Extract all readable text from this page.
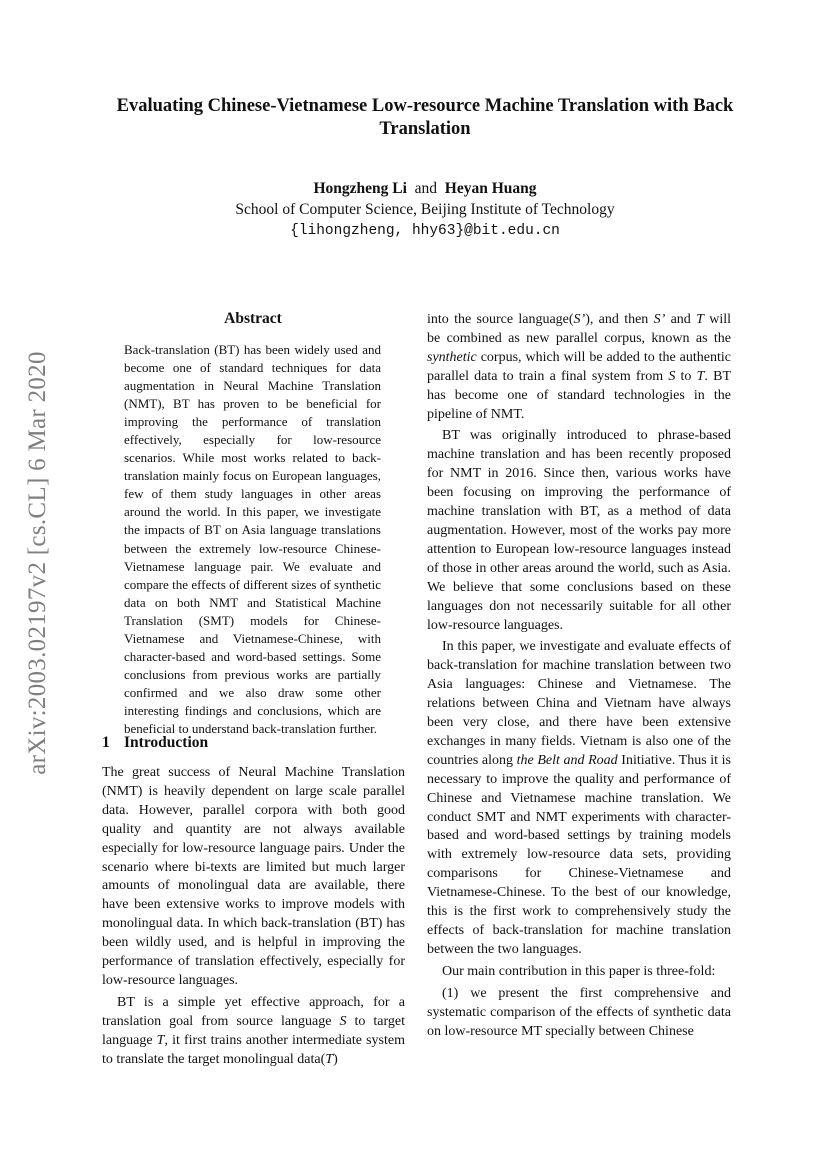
Evaluating Chinese-Vietnamese Low-resource Machine Translation with Back Translation
Hongzheng Li and Heyan Huang
School of Computer Science, Beijing Institute of Technology
{lihongzheng, hhy63}@bit.edu.cn
arXiv:2003.02197v2 [cs.CL] 6 Mar 2020
Abstract
Back-translation (BT) has been widely used and become one of standard techniques for data augmentation in Neural Machine Translation (NMT), BT has proven to be beneficial for improving the performance of translation effectively, especially for low-resource scenarios. While most works related to back-translation mainly focus on European languages, few of them study languages in other areas around the world. In this paper, we investigate the impacts of BT on Asia language translations between the extremely low-resource Chinese-Vietnamese language pair. We evaluate and compare the effects of different sizes of synthetic data on both NMT and Statistical Machine Translation (SMT) models for Chinese-Vietnamese and Vietnamese-Chinese, with character-based and word-based settings. Some conclusions from previous works are partially confirmed and we also draw some other interesting findings and conclusions, which are beneficial to understand back-translation further.
1 Introduction

The great success of Neural Machine Translation (NMT) is heavily dependent on large scale parallel data. However, parallel corpora with both good quality and quantity are not always available especially for low-resource language pairs. Under the scenario where bi-texts are limited but much larger amounts of monolingual data are available, there have been extensive works to improve models with monolingual data. In which back-translation (BT) has been wildly used, and is helpful in improving the performance of translation effectively, especially for low-resource languages.

BT is a simple yet effective approach, for a translation goal from source language S to target language T, it first trains another intermediate system to translate the target monolingual data(T)

into the source language(S’), and then S’ and T will be combined as new parallel corpus, known as the synthetic corpus, which will be added to the authentic parallel data to train a final system from S to T. BT has become one of standard technologies in the pipeline of NMT.

BT was originally introduced to phrase-based machine translation and has been recently proposed for NMT in 2016. Since then, various works have been focusing on improving the performance of machine translation with BT, as a method of data augmentation. However, most of the works pay more attention to European low-resource languages instead of those in other areas around the world, such as Asia. We believe that some conclusions based on these languages don not necessarily suitable for all other low-resource languages.

In this paper, we investigate and evaluate effects of back-translation for machine translation between two Asia languages: Chinese and Vietnamese. The relations between China and Vietnam have always been very close, and there have been extensive exchanges in many fields. Vietnam is also one of the countries along the Belt and Road Initiative. Thus it is necessary to improve the quality and performance of Chinese and Vietnamese machine translation. We conduct SMT and NMT experiments with character-based and word-based settings by training models with extremely low-resource data sets, providing comparisons for Chinese-Vietnamese and Vietnamese-Chinese. To the best of our knowledge, this is the first work to comprehensively study the effects of back-translation for machine translation between the two languages.

Our main contribution in this paper is three-fold:

(1) we present the first comprehensive and systematic comparison of the effects of synthetic data on low-resource MT specially between Chinese
